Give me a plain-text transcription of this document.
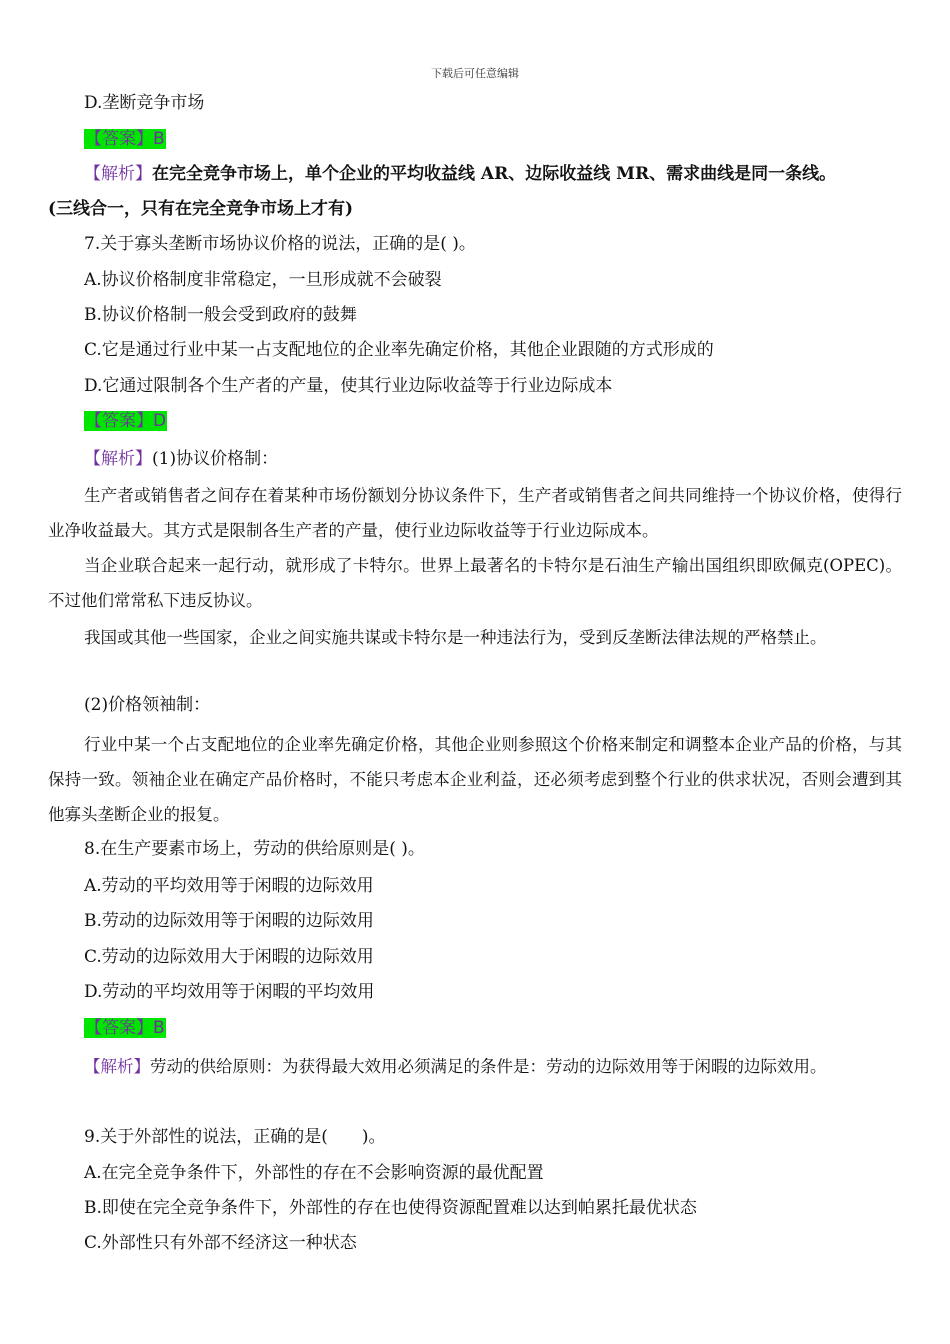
下载后可任意编辑
D.垄断竞争市场
【答案】B
【解析】在完全竞争市场上，单个企业的平均收益线 AR、边际收益线 MR、需求曲线是同一条线。
(三线合一，只有在完全竞争市场上才有)
7.关于寡头垄断市场协议价格的说法，正确的是( )。
A.协议价格制度非常稳定，一旦形成就不会破裂
B.协议价格制一般会受到政府的鼓舞
C.它是通过行业中某一占支配地位的企业率先确定价格，其他企业跟随的方式形成的
D.它通过限制各个生产者的产量，使其行业边际收益等于行业边际成本
【答案】D
【解析】(1)协议价格制：
生产者或销售者之间存在着某种市场份额划分协议条件下，生产者或销售者之间共同维持一个协议价格，使得行业净收益最大。其方式是限制各生产者的产量，使行业边际收益等于行业边际成本。
当企业联合起来一起行动，就形成了卡特尔。世界上最著名的卡特尔是石油生产输出国组织即欧佩克(OPEC)。不过他们常常私下违反协议。
我国或其他一些国家，企业之间实施共谋或卡特尔是一种违法行为，受到反垄断法律法规的严格禁止。
(2)价格领袖制：
行业中某一个占支配地位的企业率先确定价格，其他企业则参照这个价格来制定和调整本企业产品的价格，与其保持一致。领袖企业在确定产品价格时，不能只考虑本企业利益，还必须考虑到整个行业的供求状况，否则会遭到其他寡头垄断企业的报复。
8.在生产要素市场上，劳动的供给原则是( )。
A.劳动的平均效用等于闲暇的边际效用
B.劳动的边际效用等于闲暇的边际效用
C.劳动的边际效用大于闲暇的边际效用
D.劳动的平均效用等于闲暇的平均效用
【答案】B
【解析】劳动的供给原则：为获得最大效用必须满足的条件是：劳动的边际效用等于闲暇的边际效用。
9.关于外部性的说法，正确的是(　　)。
A.在完全竞争条件下，外部性的存在不会影响资源的最优配置
B.即使在完全竞争条件下，外部性的存在也使得资源配置难以达到帕累托最优状态
C.外部性只有外部不经济这一种状态
